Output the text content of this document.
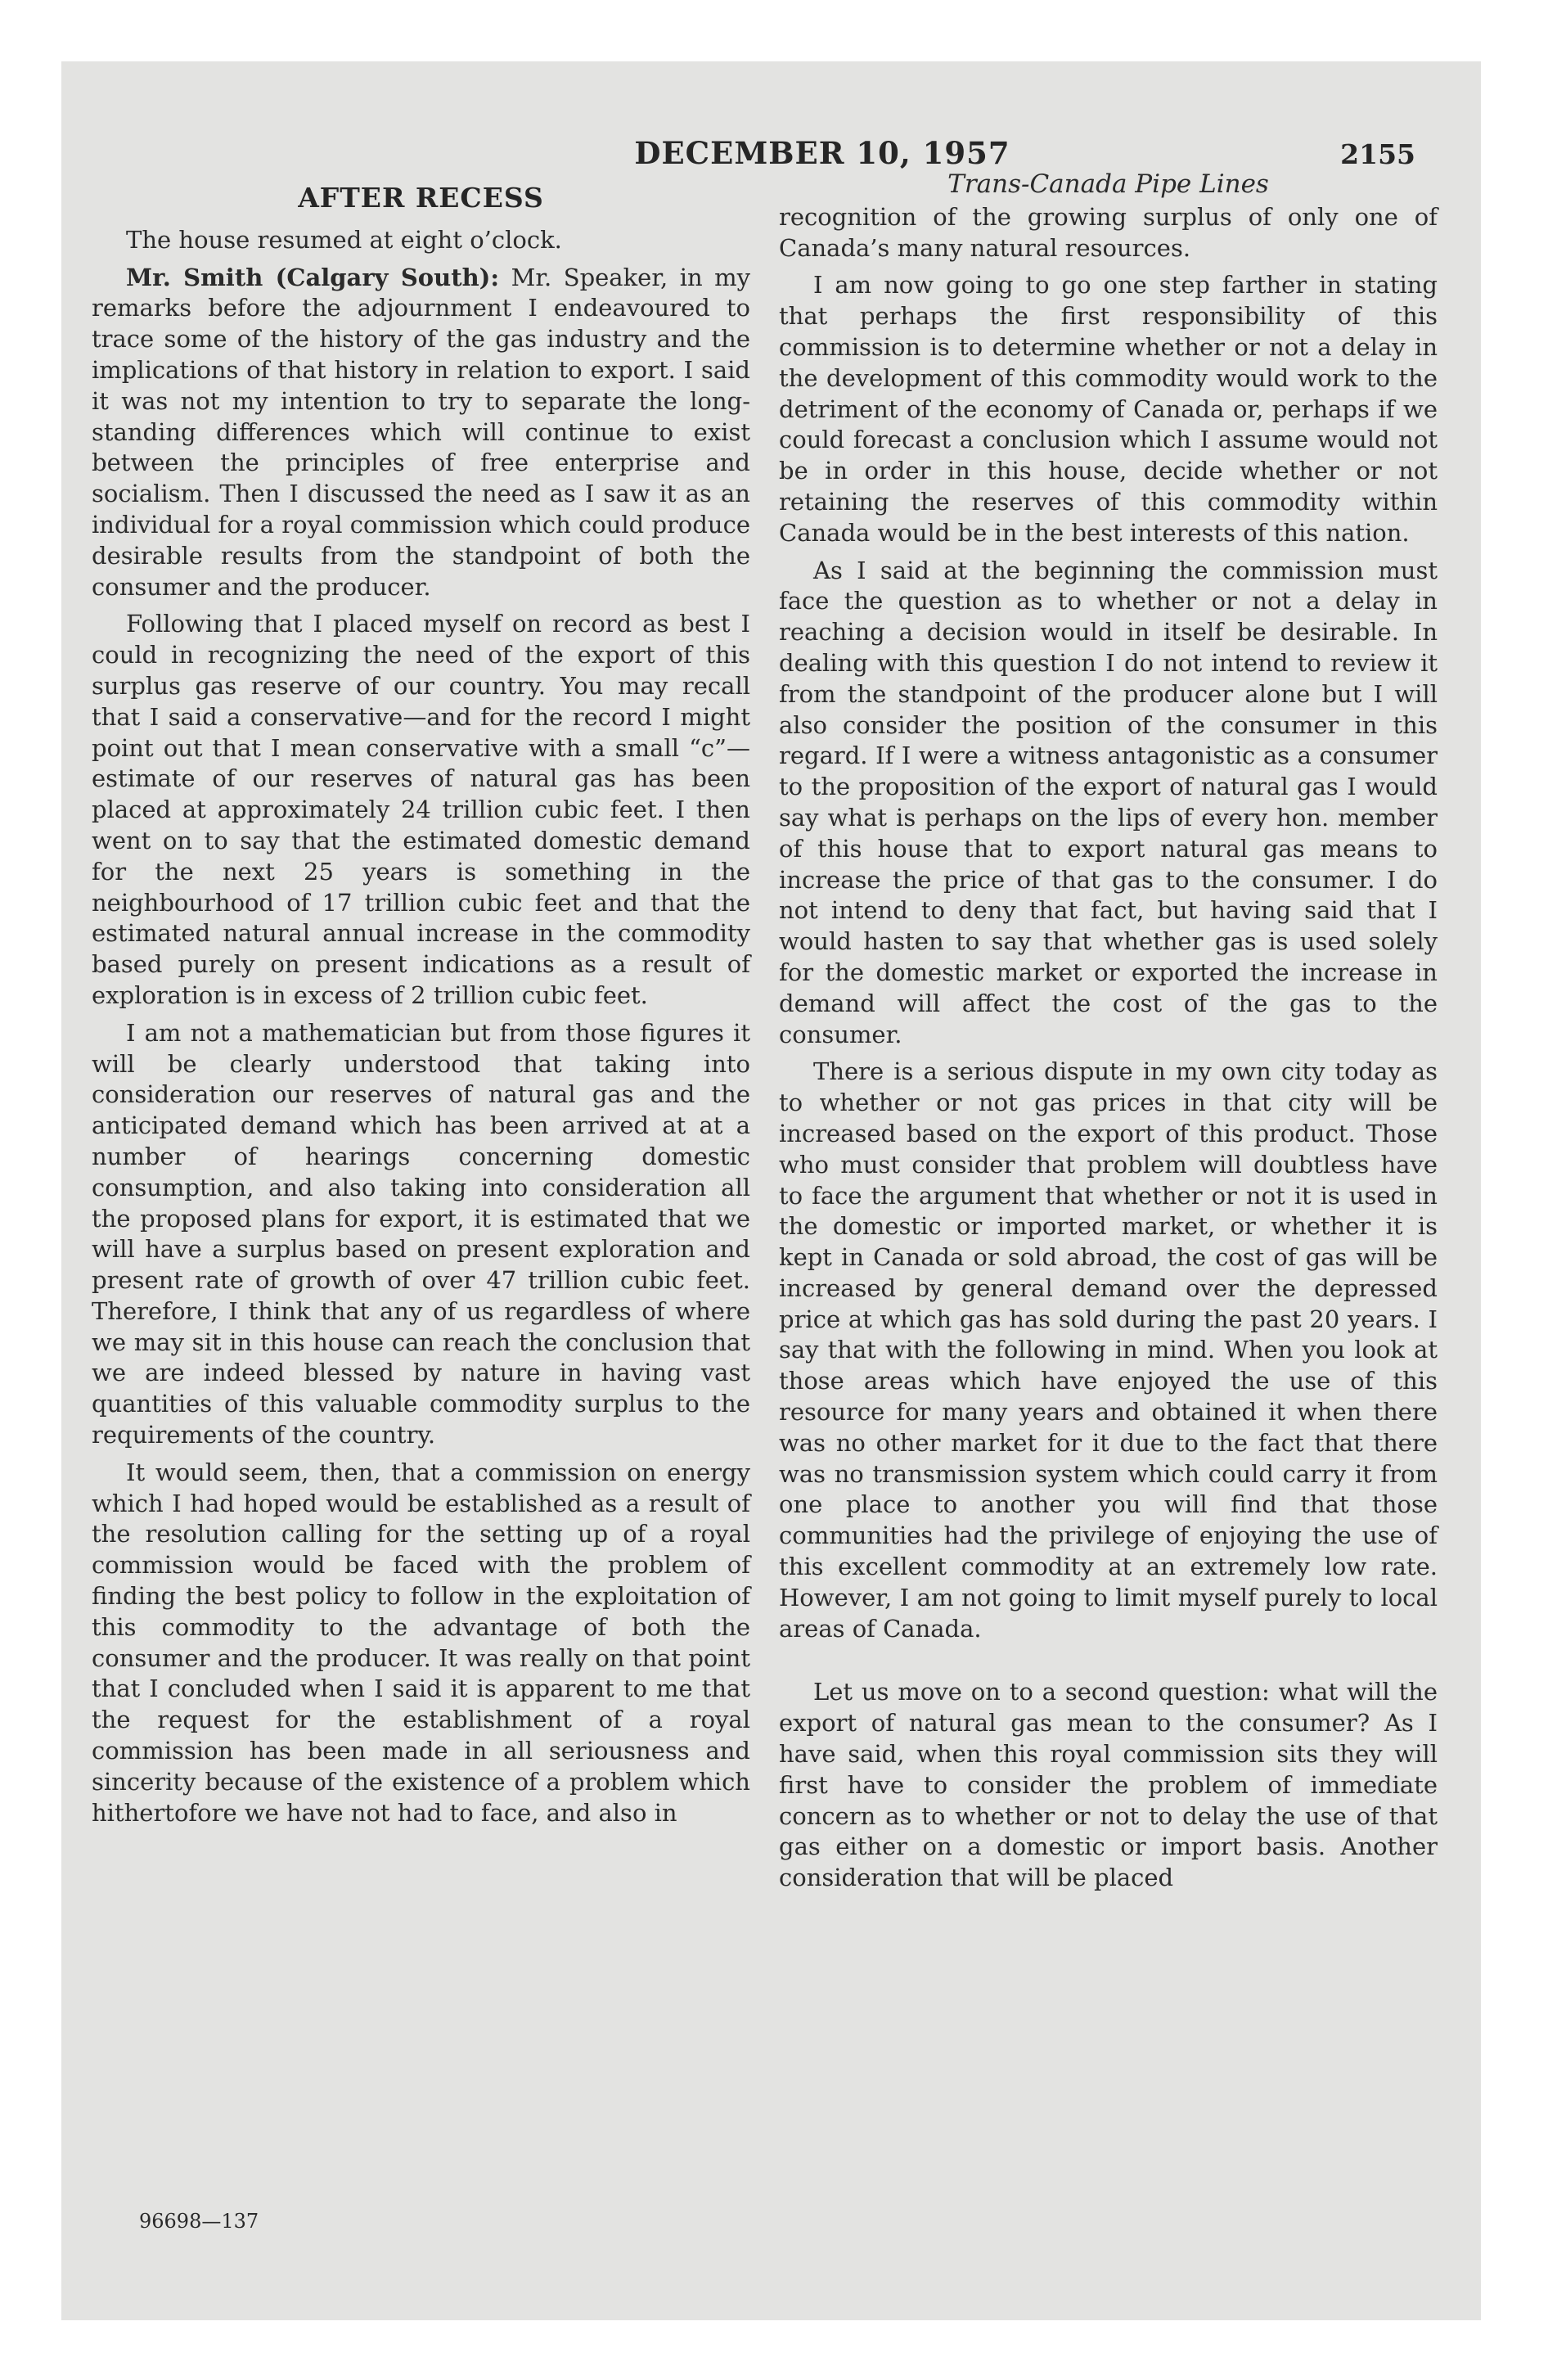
DECEMBER 10, 1957	2155
AFTER RECESS

The house resumed at eight o’clock.

Mr. Smith (Calgary South): Mr. Speaker, in my remarks before the adjournment I endeavoured to trace some of the history of the gas industry and the implications of that history in relation to export. I said it was not my intention to try to separate the long-standing differences which will continue to exist between the principles of free enterprise and socialism. Then I discussed the need as I saw it as an individual for a royal commission which could produce desirable results from the standpoint of both the consumer and the producer.

Following that I placed myself on record as best I could in recognizing the need of the export of this surplus gas reserve of our country. You may recall that I said a conservative—and for the record I might point out that I mean conservative with a small “c”—estimate of our reserves of natural gas has been placed at approximately 24 trillion cubic feet. I then went on to say that the estimated domestic demand for the next 25 years is something in the neighbourhood of 17 trillion cubic feet and that the estimated natural annual increase in the commodity based purely on present indications as a result of exploration is in excess of 2 trillion cubic feet.

I am not a mathematician but from those figures it will be clearly understood that taking into consideration our reserves of natural gas and the anticipated demand which has been arrived at at a number of hearings concerning domestic consumption, and also taking into consideration all the proposed plans for export, it is estimated that we will have a surplus based on present exploration and present rate of growth of over 47 trillion cubic feet. Therefore, I think that any of us regardless of where we may sit in this house can reach the conclusion that we are indeed blessed by nature in having vast quantities of this valuable commodity surplus to the requirements of the country.

It would seem, then, that a commission on energy which I had hoped would be established as a result of the resolution calling for the setting up of a royal commission would be faced with the problem of finding the best policy to follow in the exploitation of this commodity to the advantage of both the consumer and the producer. It was really on that point that I concluded when I said it is apparent to me that the request for the establishment of a royal commission has been made in all seriousness and sincerity because of the existence of a problem which hithertofore we have not had to face, and also in

Trans-Canada Pipe Lines

recognition of the growing surplus of only one of Canada’s many natural resources.

I am now going to go one step farther in stating that perhaps the first responsibility of this commission is to determine whether or not a delay in the development of this commodity would work to the detriment of the economy of Canada or, perhaps if we could forecast a conclusion which I assume would not be in order in this house, decide whether or not retaining the reserves of this commodity within Canada would be in the best interests of this nation.

As I said at the beginning the commission must face the question as to whether or not a delay in reaching a decision would in itself be desirable. In dealing with this question I do not intend to review it from the standpoint of the producer alone but I will also consider the position of the consumer in this regard. If I were a witness antagonistic as a consumer to the proposition of the export of natural gas I would say what is perhaps on the lips of every hon. member of this house that to export natural gas means to increase the price of that gas to the consumer. I do not intend to deny that fact, but having said that I would hasten to say that whether gas is used solely for the domestic market or exported the increase in demand will affect the cost of the gas to the consumer.

There is a serious dispute in my own city today as to whether or not gas prices in that city will be increased based on the export of this product. Those who must consider that problem will doubtless have to face the argument that whether or not it is used in the domestic or imported market, or whether it is kept in Canada or sold abroad, the cost of gas will be increased by general demand over the depressed price at which gas has sold during the past 20 years. I say that with the following in mind. When you look at those areas which have enjoyed the use of this resource for many years and obtained it when there was no other market for it due to the fact that there was no transmission system which could carry it from one place to another you will find that those communities had the privilege of enjoying the use of this excellent commodity at an extremely low rate. However, I am not going to limit myself purely to local areas of Canada.

Let us move on to a second question: what will the export of natural gas mean to the consumer? As I have said, when this royal commission sits they will first have to consider the problem of immediate concern as to whether or not to delay the use of that gas either on a domestic or import basis. Another consideration that will be placed

96698—137
